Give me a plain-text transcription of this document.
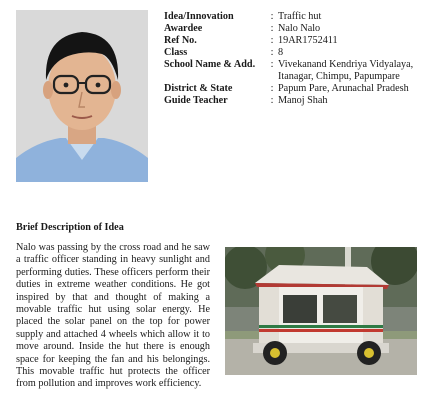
Idea/Innovation	: Traffic hut
Awardee	: Nalo Nalo
Ref No.	: 19AR1752411
Class	: 8
School Name & Add.	: Vivekanand Kendriya Vidyalaya, Itanagar, Chimpu, Papumpare
District & State	: Papum Pare, Arunachal Pradesh
Guide Teacher	: Manoj Shah
Brief Description of Idea

Nalo was passing by the cross road and he saw a traffic officer standing in heavy sunlight and performing duties. These officers perform their duties in extreme weather conditions. He got inspired by that and thought of making a movable traffic hut using solar energy. He placed the solar panel on the top for power supply and attached 4 wheels which allow it to move around. Inside the hut there is enough space for keeping the fan and his belongings. This movable traffic hut protects the officer from pollution and improves work efficiency.
